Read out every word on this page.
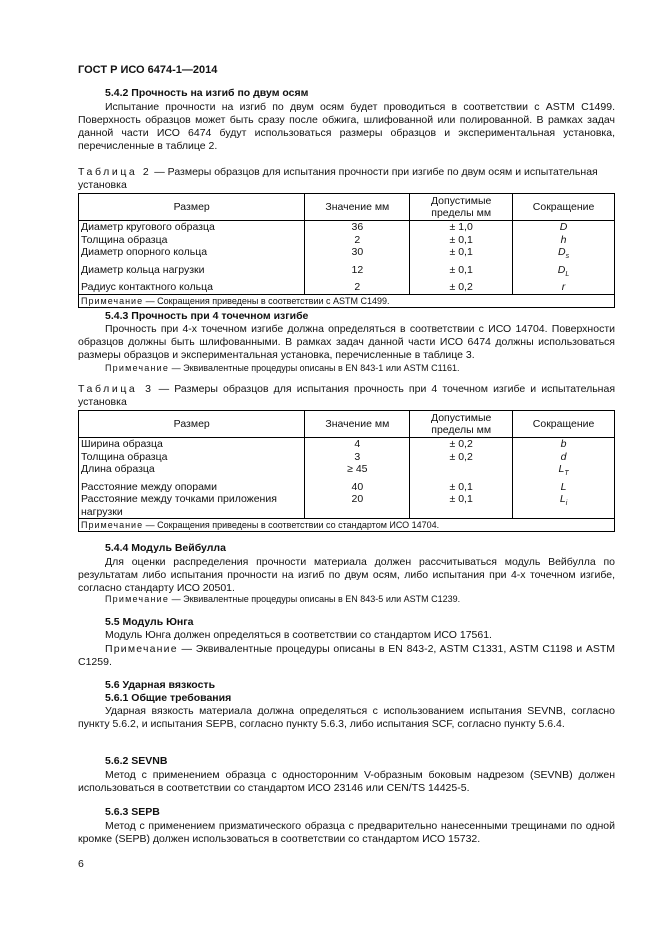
ГОСТ Р ИСО 6474-1—2014
5.4.2 Прочность на изгиб по двум осям
Испытание прочности на изгиб по двум осям будет проводиться в соответствии с ASTM C1499. Поверхность образцов может быть сразу после обжига, шлифованной или полированной. В рамках задач данной части ИСО 6474 будут использоваться размеры образцов и экспериментальная установка, перечисленные в таблице 2.
Таблица 2 — Размеры образцов для испытания прочности при изгибе по двум осям и испытательная установка
Размер	Значение мм	Допустимые пределы мм	Сокращение
Диаметр кругового образца	36	± 1,0	D
Толщина образца	2	± 0,1	h
Диаметр опорного кольца	30	± 0,1	$D_s$
Диаметр кольца нагрузки	12	± 0,1	$D_L$
Радиус контактного кольца	2	± 0,2	r
Примечание — Сокращения приведены в соответствии с ASTM C1499.			
5.4.3 Прочность при 4 точечном изгибе
Прочность при 4-х точечном изгибе должна определяться в соответствии с ИСО 14704. Поверхности образцов должны быть шлифованными. В рамках задач данной части ИСО 6474 должны использоваться размеры образцов и экспериментальная установка, перечисленные в таблице 3.
Примечание — Эквивалентные процедуры описаны в EN 843-1 или ASTM C1161.
Таблица 3 — Размеры образцов для испытания прочность при 4 точечном изгибе и испытательная установка
Размер	Значение мм	Допустимые пределы мм	Сокращение
Ширина образца	4	± 0,2	b
Толщина образца	3	± 0,2	d
Длина образца	≥ 45		$L_T$
Расстояние между опорами	40	± 0,1	L
Расстояние между точками приложения нагрузки	20	± 0,1	$L_i$
Примечание — Сокращения приведены в соответствии со стандартом ИСО 14704.			
5.4.4 Модуль Вейбулла
Для оценки распределения прочности материала должен рассчитываться модуль Вейбулла по результатам либо испытания прочности на изгиб по двум осям, либо испытания при 4-х точечном изгибе, согласно стандарту ИСО 20501.
Примечание — Эквивалентные процедуры описаны в EN 843-5 или ASTM C1239.
5.5 Модуль Юнга
Модуль Юнга должен определяться в соответствии со стандартом ИСО 17561.
Примечание — Эквивалентные процедуры описаны в EN 843-2, ASTM C1331, ASTM C1198 и ASTM C1259.
5.6 Ударная вязкость
5.6.1 Общие требования
Ударная вязкость материала должна определяться с использованием испытания SEVNB, согласно пункту 5.6.2, и испытания SEPB, согласно пункту 5.6.3, либо испытания SCF, согласно пункту 5.6.4.
5.6.2 SEVNB
Метод с применением образца с односторонним V-образным боковым надрезом (SEVNB) должен использоваться в соответствии со стандартом ИСО 23146 или CEN/TS 14425-5.
5.6.3 SEPB
Метод с применением призматического образца с предварительно нанесенными трещинами по одной кромке (SEPB) должен использоваться в соответствии со стандартом ИСО 15732.
6
